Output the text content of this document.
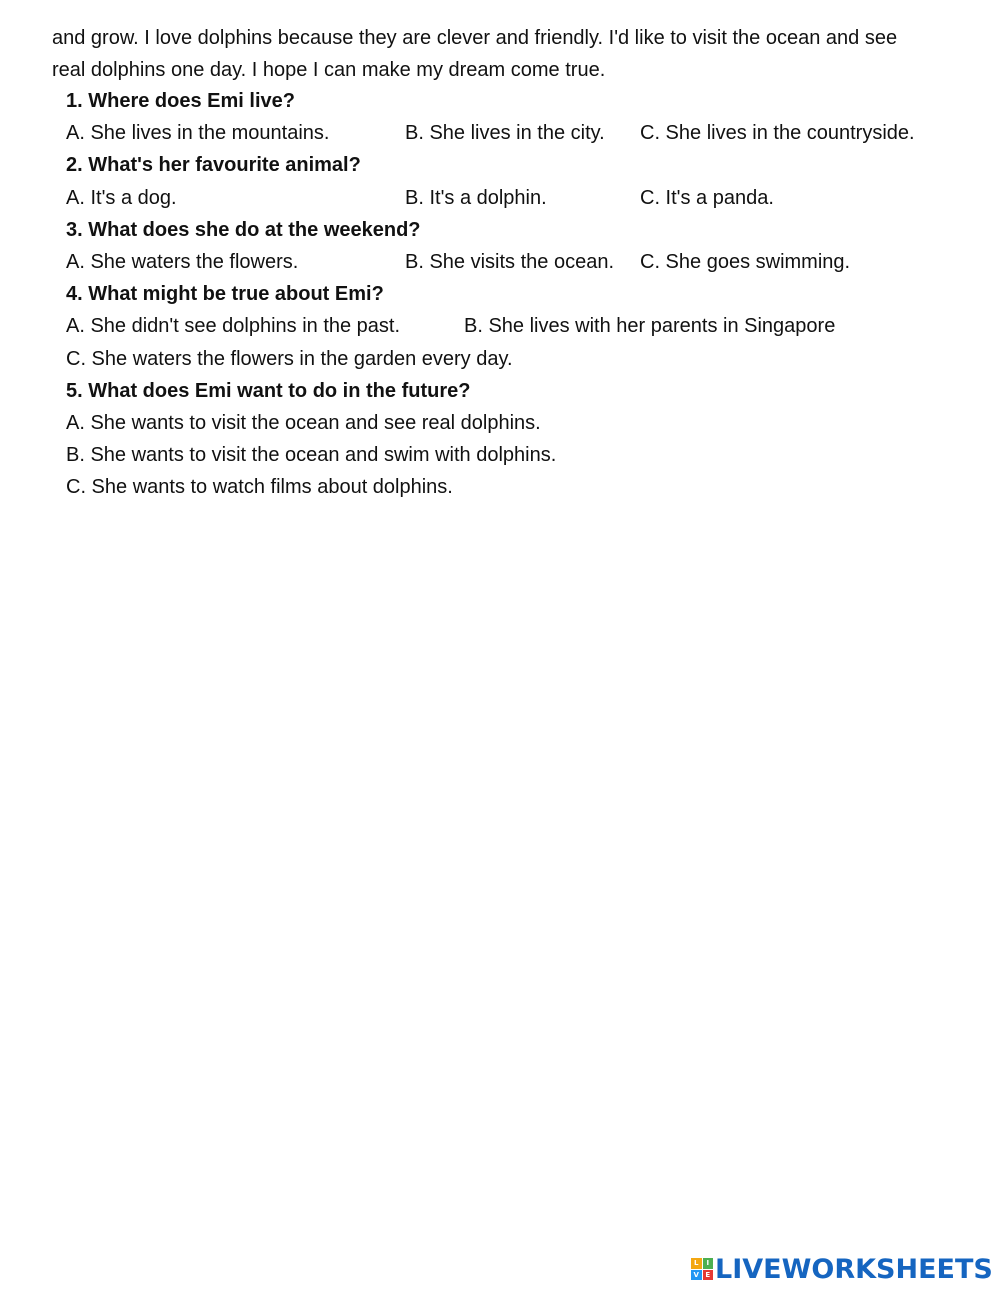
and grow. I love dolphins because they are clever and friendly. I'd like to visit the ocean and see
real dolphins one day. I hope I can make my dream come true.
1. Where does Emi live?
A. She lives in the mountains.	B. She lives in the city. C. She lives in the countryside.
2. What's her favourite animal?
A. It's a dog.	B. It's a dolphin.	C. It's a panda.
3. What does she do at the weekend?
A. She waters the flowers.	B. She visits the ocean. C. She goes swimming.
4. What might be true about Emi?
A. She didn't see dolphins in the past.	B. She lives with her parents in Singapore
C. She waters the flowers in the garden every day.
5. What does Emi want to do in the future?
A. She wants to visit the ocean and see real dolphins.
B. She wants to visit the ocean and swim with dolphins.
C. She wants to watch films about dolphins.
L	I
V E LIVEWORKSHEETS
